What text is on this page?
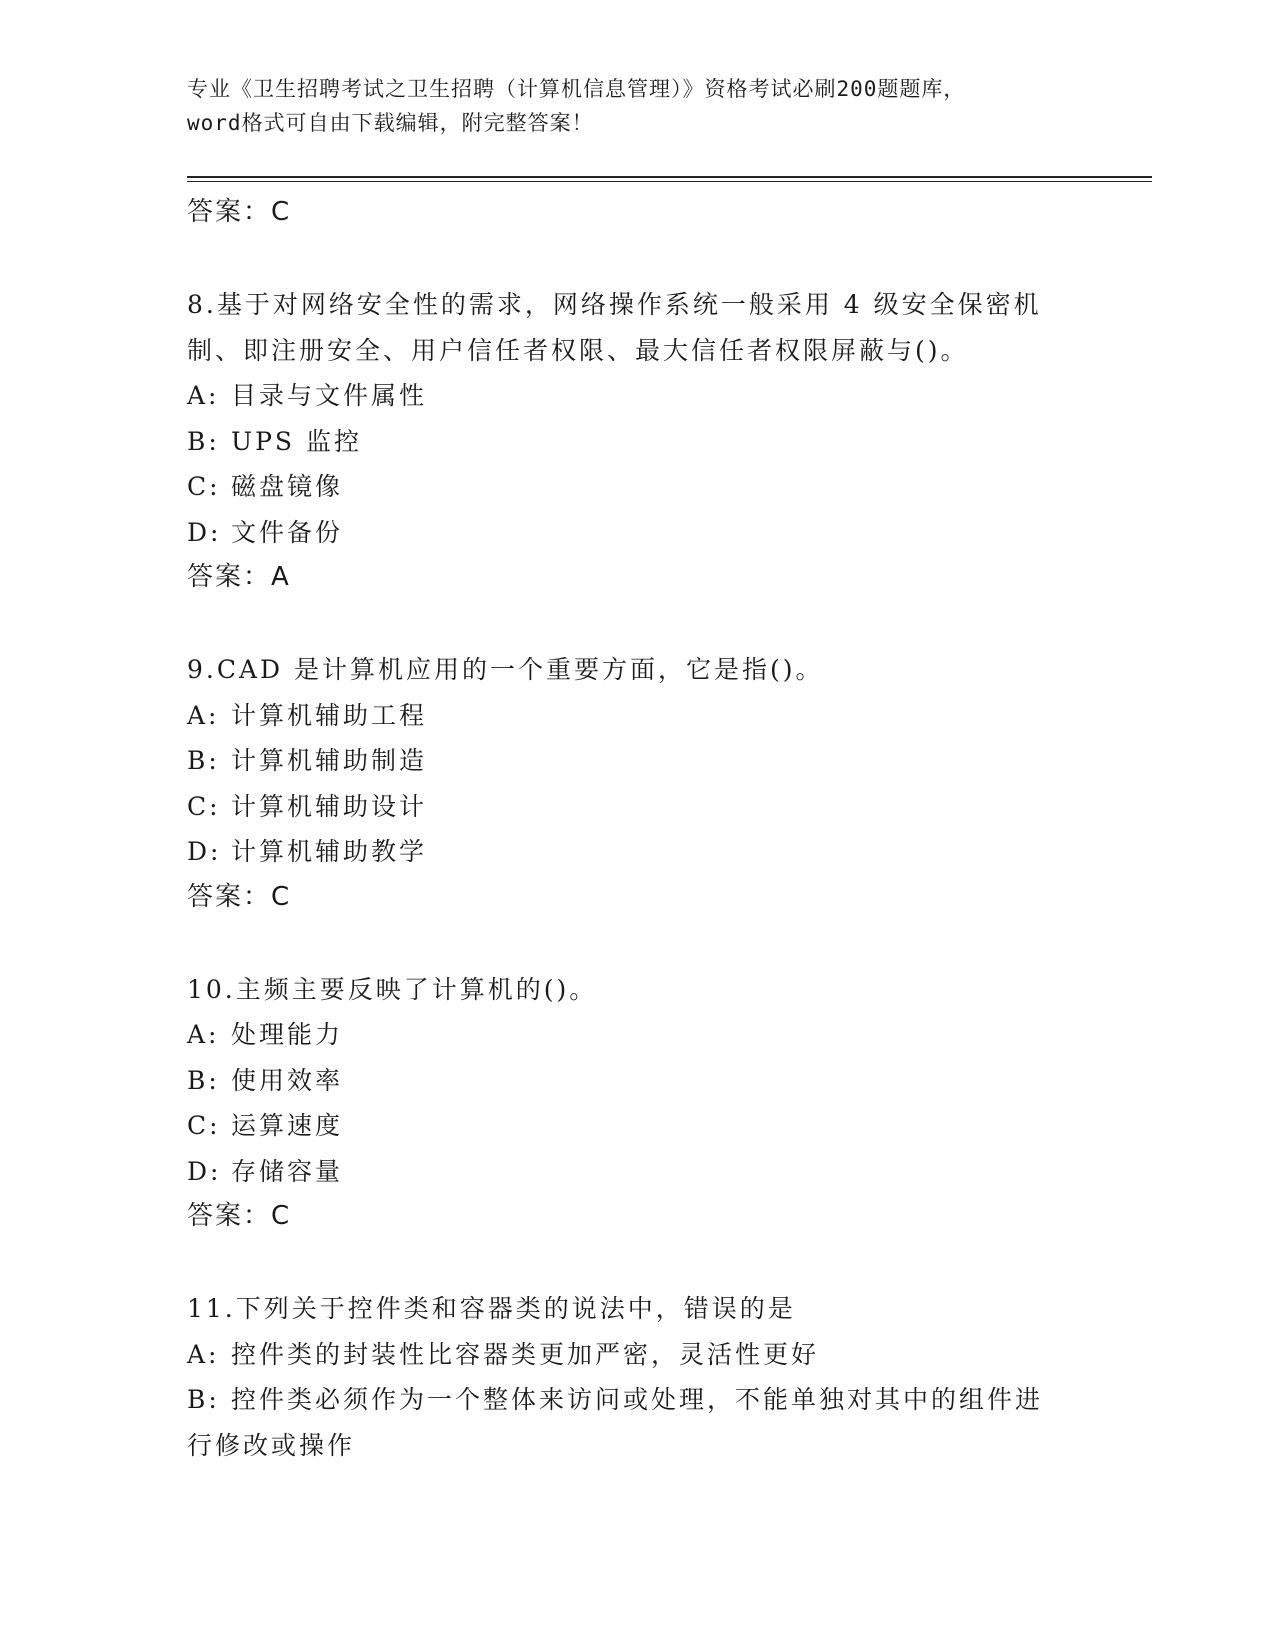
专业《卫生招聘考试之卫生招聘（计算机信息管理）》资格考试必刷200题题库，
word格式可自由下载编辑，附完整答案！
答案：C
8.基于对网络安全性的需求，网络操作系统一般采用 4 级安全保密机
制、即注册安全、用户信任者权限、最大信任者权限屏蔽与()。
A: 目录与文件属性
B: UPS 监控
C: 磁盘镜像
D: 文件备份
答案：A
9.CAD 是计算机应用的一个重要方面，它是指()。
A: 计算机辅助工程
B: 计算机辅助制造
C: 计算机辅助设计
D: 计算机辅助教学
答案：C
10.主频主要反映了计算机的()。
A: 处理能力
B: 使用效率
C: 运算速度
D: 存储容量
答案：C
11.下列关于控件类和容器类的说法中，错误的是
A: 控件类的封装性比容器类更加严密，灵活性更好
B: 控件类必须作为一个整体来访问或处理，不能单独对其中的组件进
行修改或操作
